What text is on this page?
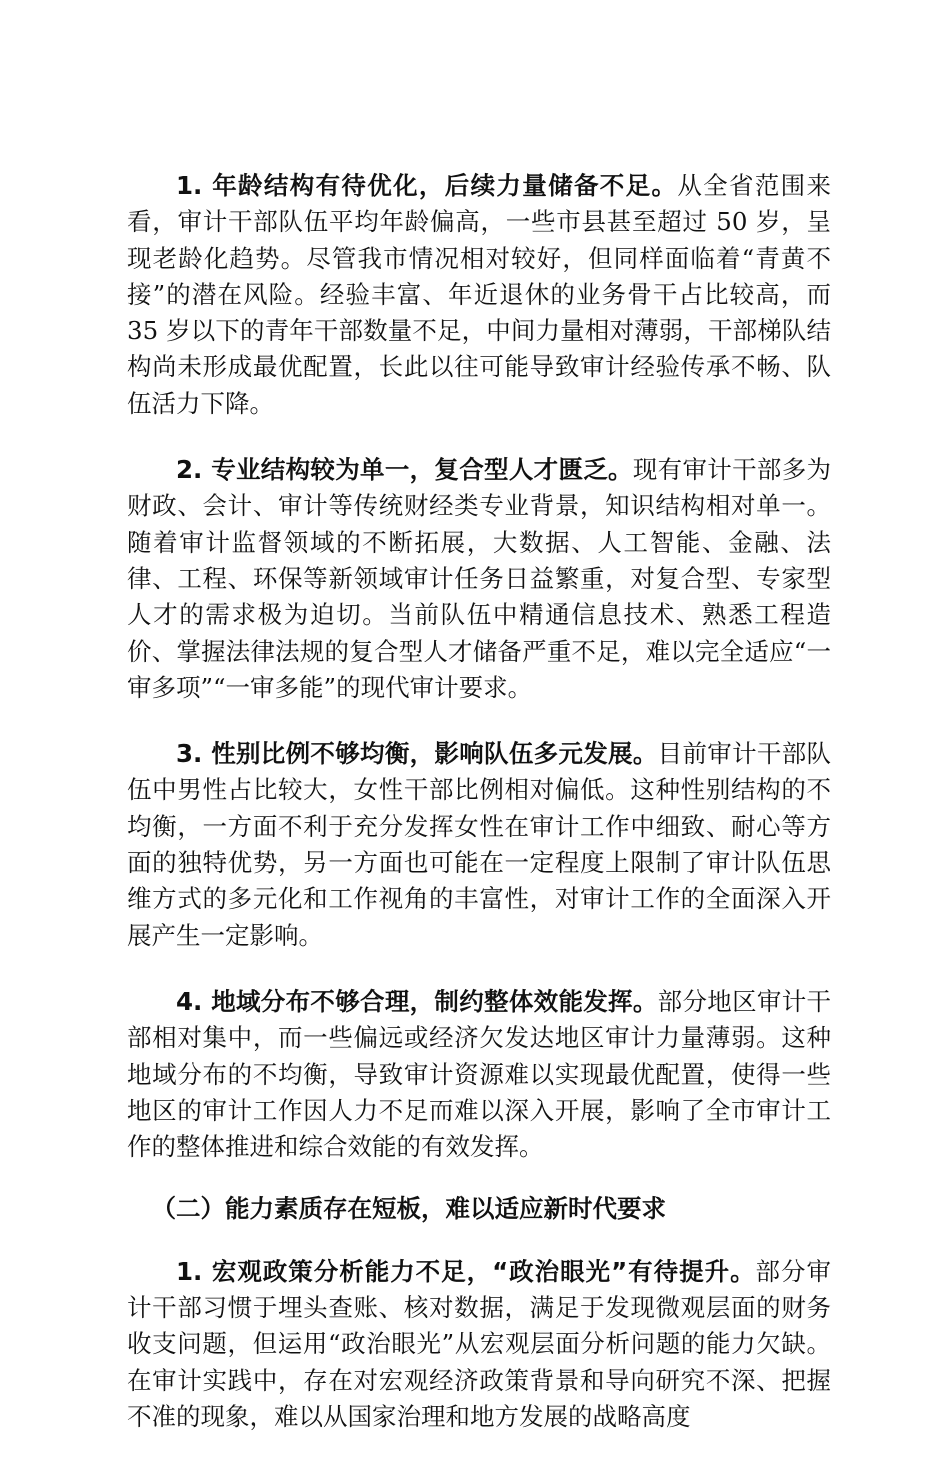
1. 年龄结构有待优化，后续力量储备不足。从全省范围来看，审计干部队伍平均年龄偏高，一些市县甚至超过 50 岁，呈现老龄化趋势。尽管我市情况相对较好，但同样面临着“青黄不接”的潜在风险。经验丰富、年近退休的业务骨干占比较高，而 35 岁以下的青年干部数量不足，中间力量相对薄弱，干部梯队结构尚未形成最优配置，长此以往可能导致审计经验传承不畅、队伍活力下降。

2. 专业结构较为单一，复合型人才匮乏。现有审计干部多为财政、会计、审计等传统财经类专业背景，知识结构相对单一。随着审计监督领域的不断拓展，大数据、人工智能、金融、法律、工程、环保等新领域审计任务日益繁重，对复合型、专家型人才的需求极为迫切。当前队伍中精通信息技术、熟悉工程造价、掌握法律法规的复合型人才储备严重不足，难以完全适应“一审多项”“一审多能”的现代审计要求。

3. 性别比例不够均衡，影响队伍多元发展。目前审计干部队伍中男性占比较大，女性干部比例相对偏低。这种性别结构的不均衡，一方面不利于充分发挥女性在审计工作中细致、耐心等方面的独特优势，另一方面也可能在一定程度上限制了审计队伍思维方式的多元化和工作视角的丰富性，对审计工作的全面深入开展产生一定影响。

4. 地域分布不够合理，制约整体效能发挥。部分地区审计干部相对集中，而一些偏远或经济欠发达地区审计力量薄弱。这种地域分布的不均衡，导致审计资源难以实现最优配置，使得一些地区的审计工作因人力不足而难以深入开展，影响了全市审计工作的整体推进和综合效能的有效发挥。

（二）能力素质存在短板，难以适应新时代要求

1. 宏观政策分析能力不足，“政治眼光”有待提升。部分审计干部习惯于埋头查账、核对数据，满足于发现微观层面的财务收支问题，但运用“政治眼光”从宏观层面分析问题的能力欠缺。在审计实践中，存在对宏观经济政策背景和导向研究不深、把握不准的现象，难以从国家治理和地方发展的战略高度
